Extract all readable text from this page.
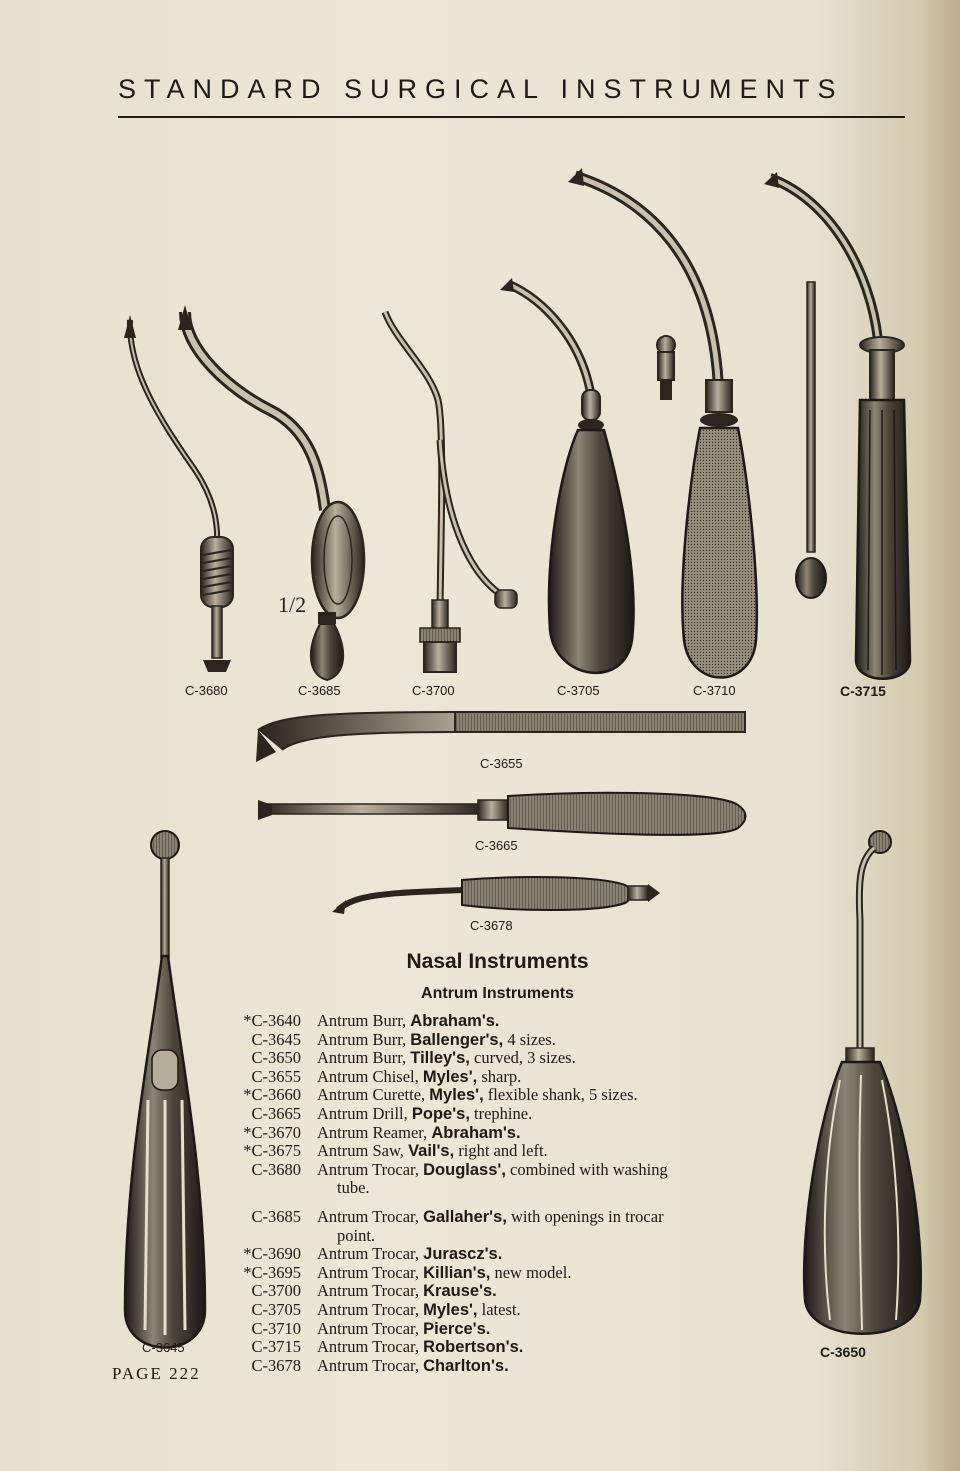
STANDARD SURGICAL INSTRUMENTS
1/2
C-3680	C-3685	C-3700	C-3705	C-3710	C-3715
C-3655
C-3665
C-3678
C-3645	C-3650
Nasal Instruments
Antrum Instruments
*C-3640 Antrum Burr, Abraham's.
C-3645 Antrum Burr, Ballenger's, 4 sizes.
C-3650 Antrum Burr, Tilley's, curved, 3 sizes.
C-3655 Antrum Chisel, Myles', sharp.
*C-3660 Antrum Curette, Myles', flexible shank, 5 sizes.
C-3665 Antrum Drill, Pope's, trephine.
*C-3670 Antrum Reamer, Abraham's.
*C-3675 Antrum Saw, Vail's, right and left.
C-3680 Antrum Trocar, Douglass', combined with washing
tube.
C-3685 Antrum Trocar, Gallaher's, with openings in trocar
point.
*C-3690 Antrum Trocar, Jurascz's.
*C-3695 Antrum Trocar, Killian's, new model.
C-3700 Antrum Trocar, Krause's.
C-3705 Antrum Trocar, Myles', latest.
C-3710 Antrum Trocar, Pierce's.
C-3715 Antrum Trocar, Robertson's.
C-3678 Antrum Trocar, Charlton's.
PAGE 222
